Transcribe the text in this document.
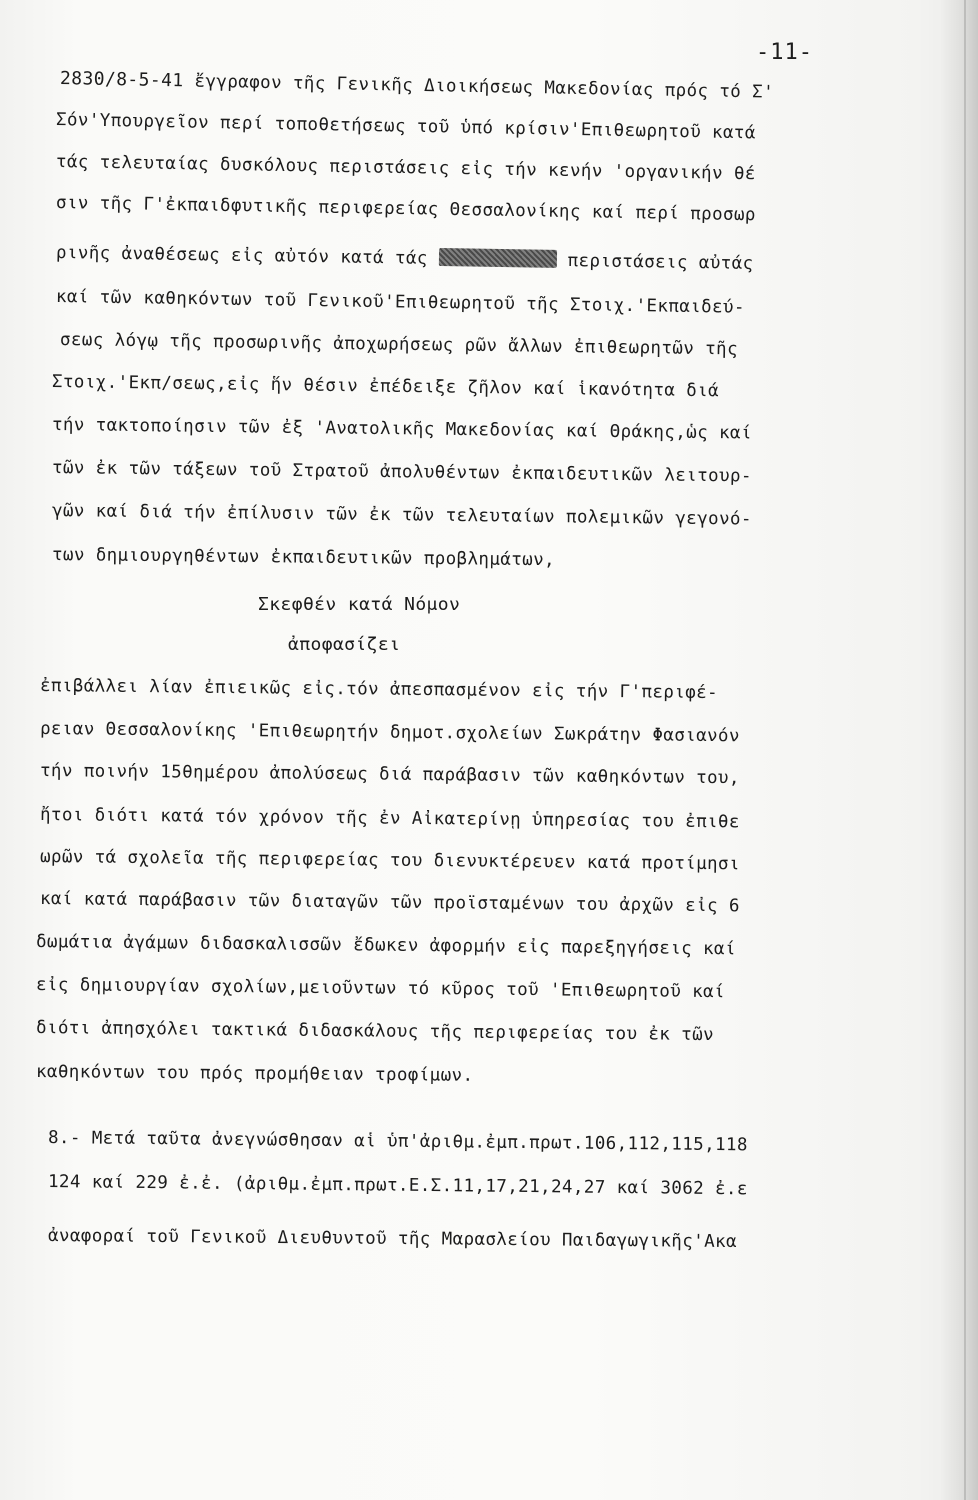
-11-
2830/8-5-41 ἔγγραφον τῆς Γενικῆς Διοικήσεως Μακεδονίας πρός τό Σ'
Σόν'Υπουργεῖον περί τοποθετήσεως τοῦ ὑπό κρίσιν'Επιθεωρητοῦ κατά
τάς τελευταίας δυσκόλους περιστάσεις εἰς τήν κενήν 'οργανικήν θέ
σιν τῆς Γ'ἐκπαιδφυτικῆς περιφερείας Θεσσαλονίκης καί περί προσωρ
ρινῆς ἀναθέσεως εἰς αὐτόν κατά τάς	περιστάσεις αὐτάς
καί τῶν καθηκόντων τοῦ Γενικοῦ'Επιθεωρητοῦ τῆς Στοιχ.'Εκπαιδεύ-
σεως λόγῳ τῆς προσωρινῆς ἀποχωρήσεως ρῶν ἄλλων ἐπιθεωρητῶν τῆς
Στοιχ.'Εκπ/σεως,εἰς ἥν θέσιν ἐπέδειξε ζῆλον καί ἱκανότητα διά
τήν τακτοποίησιν τῶν ἐξ 'Ανατολικῆς Μακεδονίας καί Θράκης,ὡς καί
τῶν ἐκ τῶν τάξεων τοῦ Στρατοῦ ἀπολυθέντων ἐκπαιδευτικῶν λειτουρ-
γῶν καί διά τήν ἐπίλυσιν τῶν ἐκ τῶν τελευταίων πολεμικῶν γεγονό-
των δημιουργηθέντων ἐκπαιδευτικῶν προβλημάτων,
Σκεφθέν κατά Νόμον
ἀποφασίζει
ἐπιβάλλει λίαν ἐπιεικῶς εἰς.τόν ἀπεσπασμένον εἰς τήν Γ'περιφέ-
ρειαν Θεσσαλονίκης 'Επιθεωρητήν δημοτ.σχολείων Σωκράτην Φασιανόν
τήν ποινήν 15θημέρου ἀπολύσεως διά παράβασιν τῶν καθηκόντων του,
ἤτοι διότι κατά τόν χρόνον τῆς ἐν Αἰκατερίνῃ ὑπηρεσίας του ἐπιθε
ωρῶν τά σχολεῖα τῆς περιφερείας του διενυκτέρευεν κατά προτίμησι
καί κατά παράβασιν τῶν διαταγῶν τῶν προϊσταμένων του ἀρχῶν εἰς 6
δωμάτια ἀγάμων διδασκαλισσῶν ἔδωκεν ἀφορμήν εἰς παρεξηγήσεις καί
εἰς δημιουργίαν σχολίων,μειοῦντων τό κῦρος τοῦ 'Επιθεωρητοῦ καί
διότι ἀπησχόλει τακτικά διδασκάλους τῆς περιφερείας του ἐκ τῶν
καθηκόντων του πρός προμήθειαν τροφίμων.
8.- Μετά ταῦτα ἀνεγνώσθησαν αἱ ὑπ'ἀριθμ.ἐμπ.πρωτ.106,112,115,118
124 καί 229 ἐ.ἐ. (ἀριθμ.ἐμπ.πρωτ.Ε.Σ.11,17,21,24,27 καί 3062 ἐ.ε
ἀναφοραί τοῦ Γενικοῦ Διευθυντοῦ τῆς Μαρασλείου Παιδαγωγικῆς'Ακα
